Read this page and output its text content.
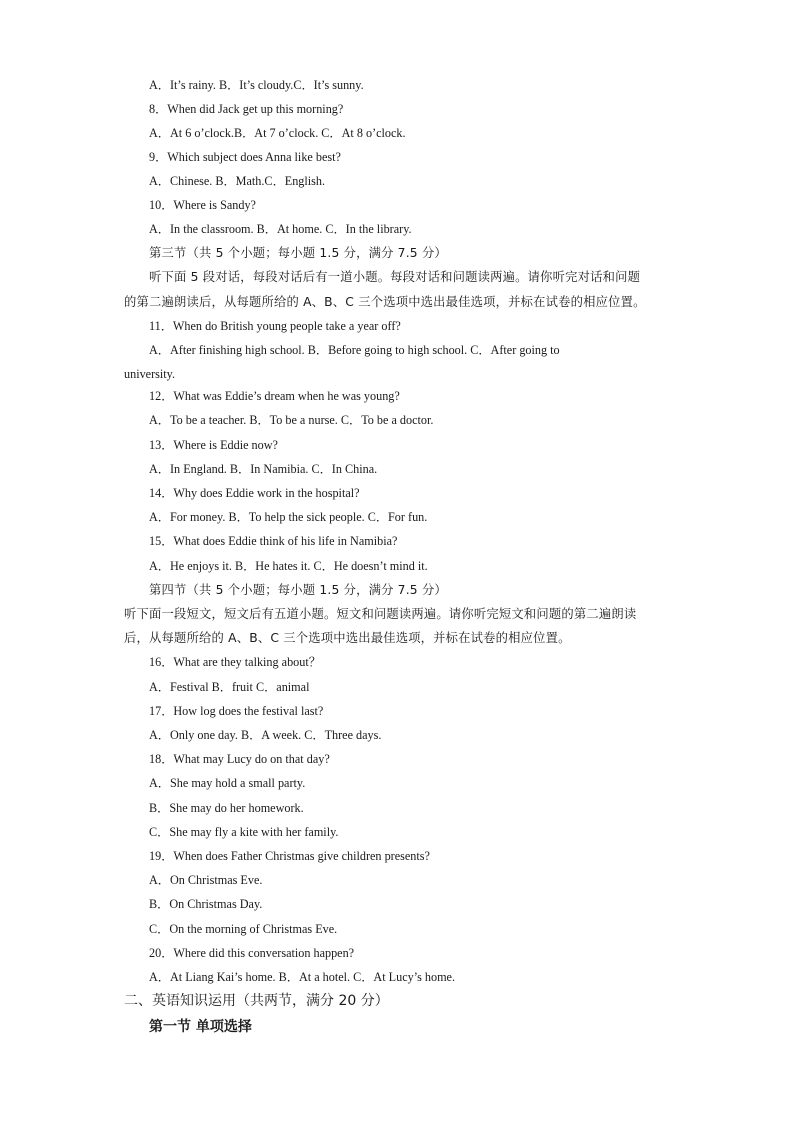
A．It’s rainy. B．It’s cloudy.C．It’s sunny.
8．When did Jack get up this morning?
A．At 6 o’clock.B．At 7 o’clock. C．At 8 o’clock.
9．Which subject does Anna like best?
A．Chinese. B．Math.C．English.
10．Where is Sandy?
A．In the classroom. B．At home. C．In the library.
第三节（共 5 个小题；每小题 1.5 分，满分 7.5 分）
听下面 5 段对话，每段对话后有一道小题。每段对话和问题读两遍。请你听完对话和问题
的第二遍朗读后，从每题所给的 A、B、C 三个选项中选出最佳选项，并标在试卷的相应位置。
11．When do British young people take a year off?
A．After finishing high school. B．Before going to high school. C．After going to
university.
12．What was Eddie’s dream when he was young?
A．To be a teacher. B．To be a nurse. C．To be a doctor.
13．Where is Eddie now?
A．In England. B．In Namibia. C．In China.
14．Why does Eddie work in the hospital?
A．For money. B．To help the sick people. C．For fun.
15．What does Eddie think of his life in Namibia?
A．He enjoys it. B．He hates it. C．He doesn’t mind it.
第四节（共 5 个小题；每小题 1.5 分，满分 7.5 分）
听下面一段短文，短文后有五道小题。短文和问题读两遍。请你听完短文和问题的第二遍朗读
后，从每题所给的 A、B、C 三个选项中选出最佳选项，并标在试卷的相应位置。
16．What are they talking about？
A．Festival B．fruit C．animal
17．How log does the festival last?
A．Only one day. B．A week. C．Three days.
18．What may Lucy do on that day?
A．She may hold a small party.
B．She may do her homework.
C．She may fly a kite with her family.
19．When does Father Christmas give children presents?
A．On Christmas Eve.
B．On Christmas Day.
C．On the morning of Christmas Eve.
20．Where did this conversation happen?
A．At Liang Kai’s home. B．At a hotel. C．At Lucy’s home.
二、英语知识运用（共两节，满分 20 分）
第一节 单项选择
